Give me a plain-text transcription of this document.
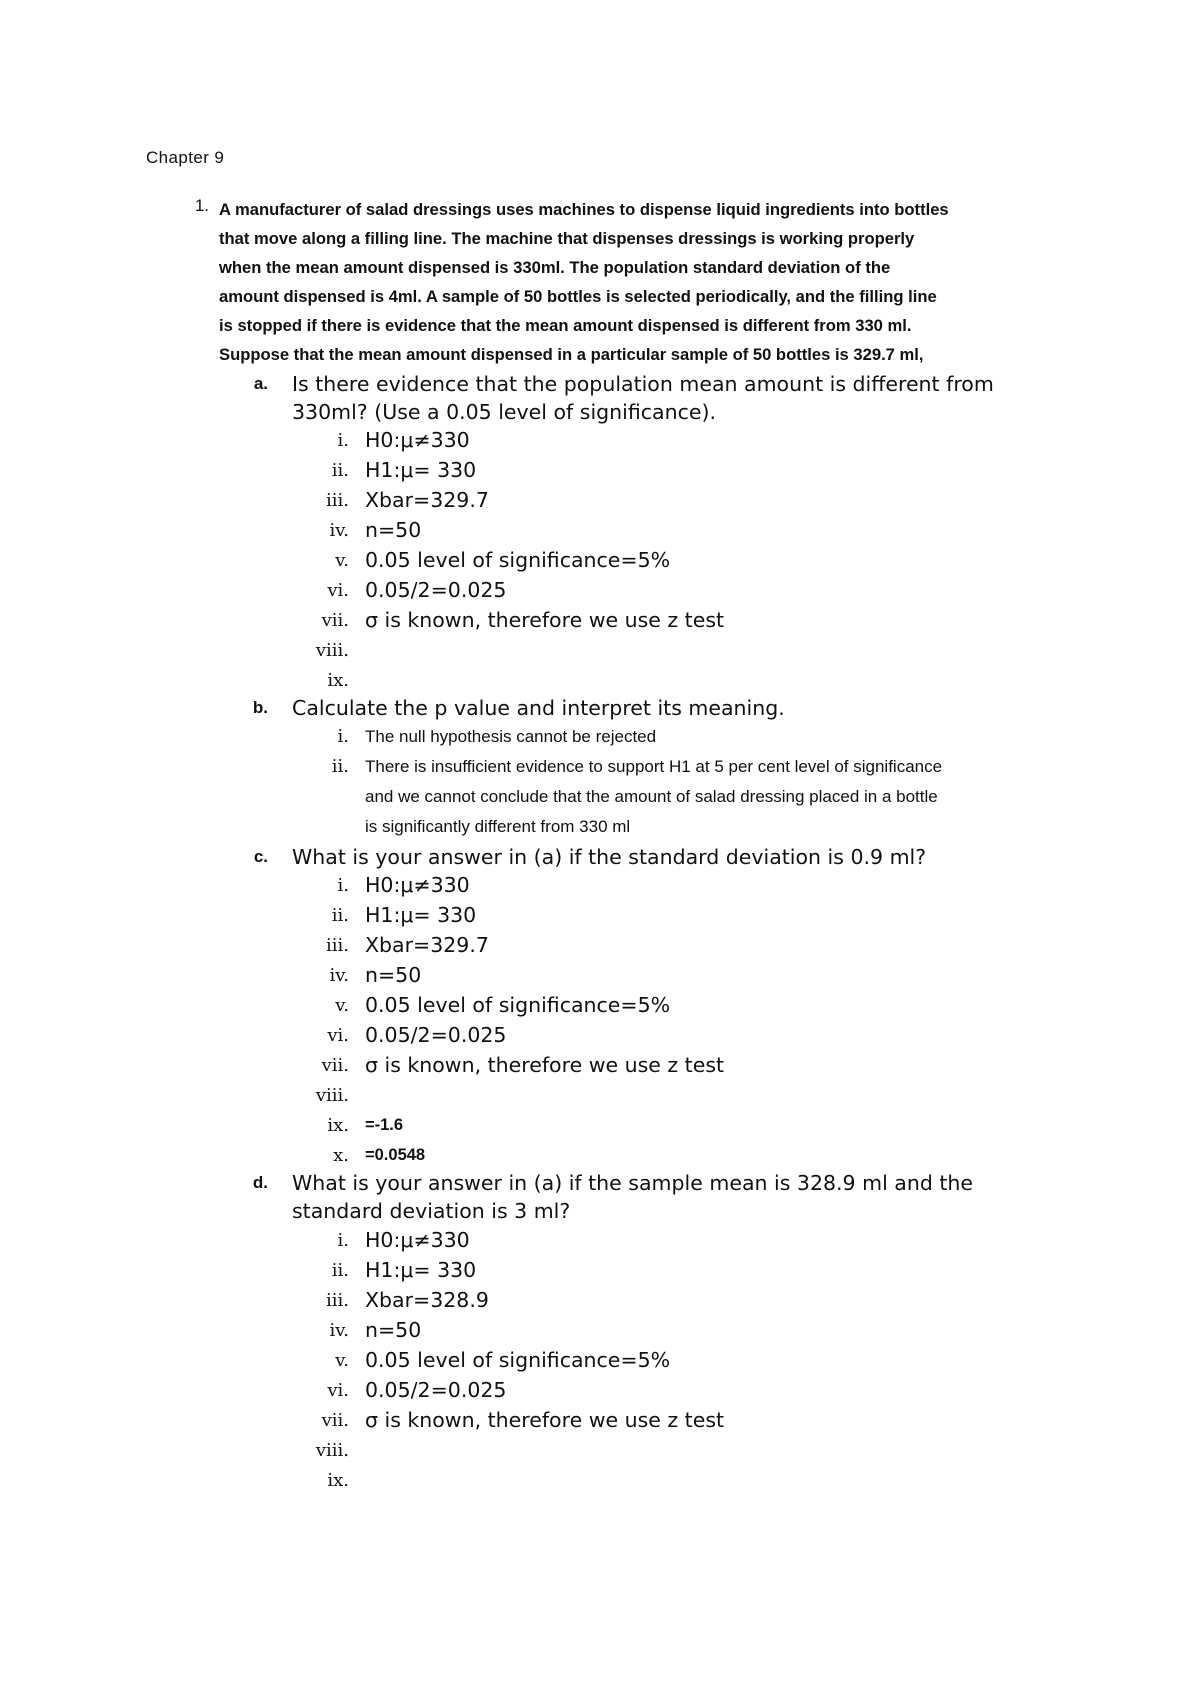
Chapter 9
1. A manufacturer of salad dressings uses machines to dispense liquid ingredients into bottles
that move along a filling line. The machine that dispenses dressings is working properly
when the mean amount dispensed is 330ml. The population standard deviation of the
amount dispensed is 4ml. A sample of 50 bottles is selected periodically, and the filling line
is stopped if there is evidence that the mean amount dispensed is different from 330 ml.
Suppose that the mean amount dispensed in a particular sample of 50 bottles is 329.7 ml,
a. Is there evidence that the population mean amount is different from
330ml? (Use a 0.05 level of significance).
i. H0:μ≠330
ii. H1:μ= 330
iii. Xbar=329.7
iv. n=50
v. 0.05 level of significance=5%
vi. 0.05/2=0.025
vii. σ is known, therefore we use z test
viii.
ix.
b. Calculate the p value and interpret its meaning.
i. The null hypothesis cannot be rejected
ii. There is insufficient evidence to support H1 at 5 per cent level of significance
and we cannot conclude that the amount of salad dressing placed in a bottle
is significantly different from 330 ml
c. What is your answer in (a) if the standard deviation is 0.9 ml?
i. H0:μ≠330
ii. H1:μ= 330
iii. Xbar=329.7
iv. n=50
v. 0.05 level of significance=5%
vi. 0.05/2=0.025
vii. σ is known, therefore we use z test
viii.
ix. =-1.6
x. =0.0548
d. What is your answer in (a) if the sample mean is 328.9 ml and the
standard deviation is 3 ml?
i. H0:μ≠330
ii. H1:μ= 330
iii. Xbar=328.9
iv. n=50
v. 0.05 level of significance=5%
vi. 0.05/2=0.025
vii. σ is known, therefore we use z test
viii.
ix.
